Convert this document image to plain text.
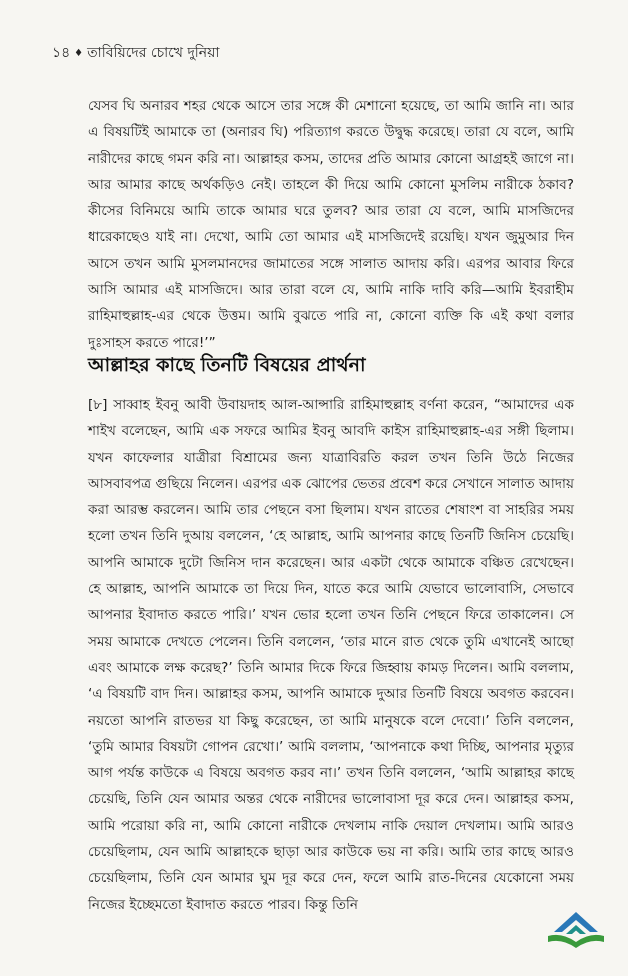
১৪ ♦ তাবিয়িদের চোখে দুনিয়া

যেসব ঘি অনারব শহর থেকে আসে তার সঙ্গে কী মেশানো হয়েছে, তা আমি জানি না। আর এ বিষয়টিই আমাকে তা (অনারব ঘি) পরিত্যাগ করতে উদ্বুদ্ধ করেছে। তারা যে বলে, আমি নারীদের কাছে গমন করি না। আল্লাহর কসম, তাদের প্রতি আমার কোনো আগ্রহই জাগে না। আর আমার কাছে অর্থকড়িও নেই। তাহলে কী দিয়ে আমি কোনো মুসলিম নারীকে ঠকাব? কীসের বিনিময়ে আমি তাকে আমার ঘরে তুলব? আর তারা যে বলে, আমি মাসজিদের ধারেকাছেও যাই না। দেখো, আমি তো আমার এই মাসজিদেই রয়েছি। যখন জুমুআর দিন আসে তখন আমি মুসলমানদের জামাতের সঙ্গে সালাত আদায় করি। এরপর আবার ফিরে আসি আমার এই মাসজিদে। আর তারা বলে যে, আমি নাকি দাবি করি—আমি ইবরাহীম রাহিমাহুল্লাহ-এর থেকে উত্তম। আমি বুঝতে পারি না, কোনো ব্যক্তি কি এই কথা বলার দুঃসাহস করতে পারে!’”

আল্লাহর কাছে তিনটি বিষয়ের প্রার্থনা

[৮] সাব্বাহ ইবনু আবী উবায়দাহ আল-আন্সারি রাহিমাহুল্লাহ বর্ণনা করেন, “আমাদের এক শাইখ বলেছেন, আমি এক সফরে আমির ইবনু আবদি কাইস রাহিমাহুল্লাহ-এর সঙ্গী ছিলাম। যখন কাফেলার যাত্রীরা বিশ্রামের জন্য যাত্রাবিরতি করল তখন তিনি উঠে নিজের আসবাবপত্র গুছিয়ে নিলেন। এরপর এক ঝোপের ভেতর প্রবেশ করে সেখানে সালাত আদায় করা আরম্ভ করলেন। আমি তার পেছনে বসা ছিলাম। যখন রাতের শেষাংশ বা সাহরির সময় হলো তখন তিনি দুআয় বললেন, ‘হে আল্লাহ, আমি আপনার কাছে তিনটি জিনিস চেয়েছি। আপনি আমাকে দুটো জিনিস দান করেছেন। আর একটা থেকে আমাকে বঞ্চিত রেখেছেন। হে আল্লাহ, আপনি আমাকে তা দিয়ে দিন, যাতে করে আমি যেভাবে ভালোবাসি, সেভাবে আপনার ইবাদাত করতে পারি।’ যখন ভোর হলো তখন তিনি পেছনে ফিরে তাকালেন। সে সময় আমাকে দেখতে পেলেন। তিনি বললেন, ‘তার মানে রাত থেকে তুমি এখানেই আছো এবং আমাকে লক্ষ করেছ?’ তিনি আমার দিকে ফিরে জিহ্বায় কামড় দিলেন। আমি বললাম, ‘এ বিষয়টি বাদ দিন। আল্লাহর কসম, আপনি আমাকে দুআর তিনটি বিষয়ে অবগত করবেন। নয়তো আপনি রাতভর যা কিছু করেছেন, তা আমি মানুষকে বলে দেবো।’ তিনি বললেন, ‘তুমি আমার বিষয়টা গোপন রেখো।’ আমি বললাম, ‘আপনাকে কথা দিচ্ছি, আপনার মৃত্যুর আগ পর্যন্ত কাউকে এ বিষয়ে অবগত করব না।’ তখন তিনি বললেন, ‘আমি আল্লাহর কাছে চেয়েছি, তিনি যেন আমার অন্তর থেকে নারীদের ভালোবাসা দূর করে দেন। আল্লাহর কসম, আমি পরোয়া করি না, আমি কোনো নারীকে দেখলাম নাকি দেয়াল দেখলাম। আমি আরও চেয়েছিলাম, যেন আমি আল্লাহকে ছাড়া আর কাউকে ভয় না করি। আমি তার কাছে আরও চেয়েছিলাম, তিনি যেন আমার ঘুম দূর করে দেন, ফলে আমি রাত-দিনের যেকোনো সময় নিজের ইচ্ছেমতো ইবাদাত করতে পারব। কিন্তু তিনি
